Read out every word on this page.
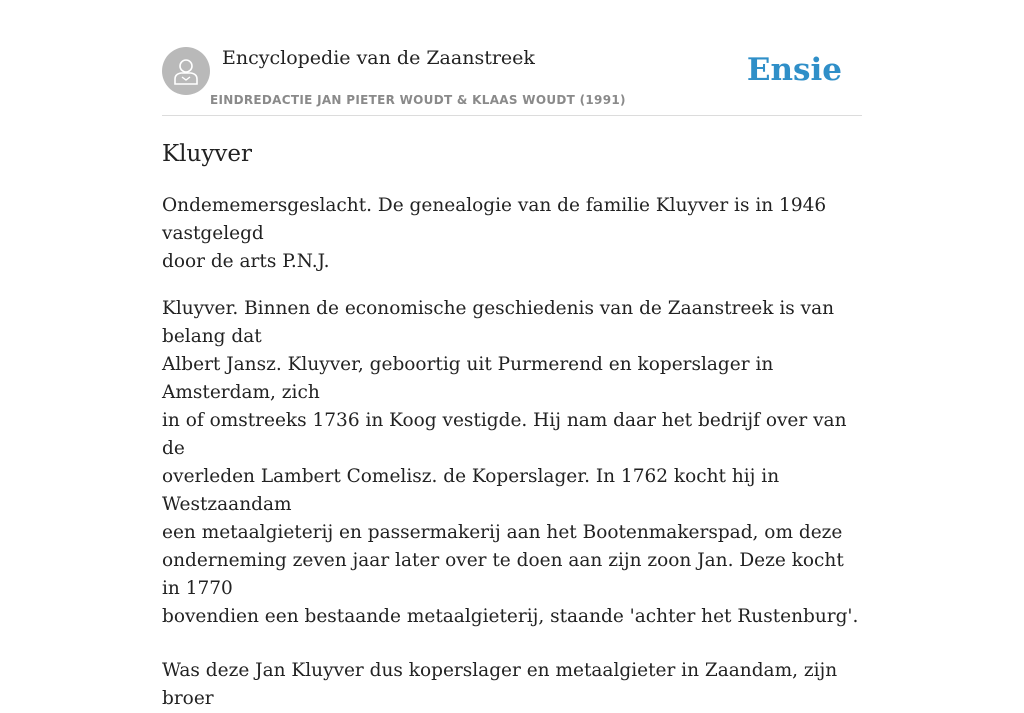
Encyclopedie van de Zaanstreek
EINDREDACTIE JAN PIETER WOUDT & KLAAS WOUDT (1991)
Ensie
Kluyver

Ondememersgeslacht. De genealogie van de familie Kluyver is in 1946 vastgelegd
door de arts P.N.J.

Kluyver. Binnen de economische geschiedenis van de Zaanstreek is van belang dat
Albert Jansz. Kluyver, geboortig uit Purmerend en koperslager in Amsterdam, zich
in of omstreeks 1736 in Koog vestigde. Hij nam daar het bedrijf over van de
overleden Lambert Comelisz. de Koperslager. In 1762 kocht hij in Westzaandam
een metaalgieterij en passermakerij aan het Bootenmakerspad, om deze
onderneming zeven jaar later over te doen aan zijn zoon Jan. Deze kocht in 1770
bovendien een bestaande metaalgieterij, staande 'achter het Rustenburg'.

Was deze Jan Kluyver dus koperslager en metaalgieter in Zaandam, zijn broer
